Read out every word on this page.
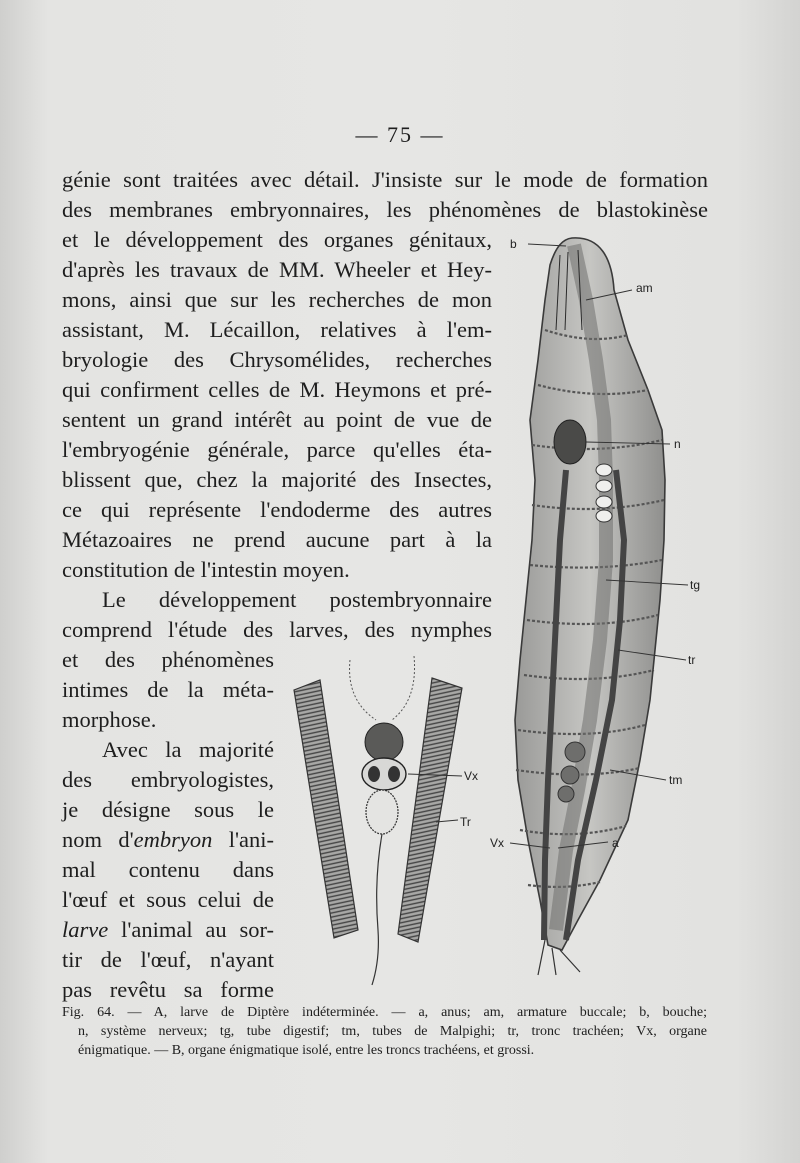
— 75 —
génie sont traitées avec détail. J'insiste sur le mode de formation
des membranes embryonnaires, les phénomènes de blastokinèse
et le développement des organes génitaux,
d'après les travaux de MM. Wheeler et Hey-
mons, ainsi que sur les recherches de mon
assistant, M. Lécaillon, relatives à l'em-
bryologie des Chrysomélides, recherches
qui confirment celles de M. Heymons et pré-
sentent un grand intérêt au point de vue de
l'embryogénie générale, parce qu'elles éta-
blissent que, chez la majorité des Insectes,
ce qui représente l'endoderme des autres
Métazoaires ne prend aucune part à la
constitution de l'intestin moyen.
Le développement postembryonnaire
comprend l'étude des larves, des nymphes
et des phénomènes
intimes de la méta-
morphose.
Avec la majorité
des embryologistes,
je désigne sous le
nom d'embryon l'ani-
mal contenu dans
l'œuf et sous celui de
larve l'animal au sor-
tir de l'œuf, n'ayant
pas revêtu sa forme
b
am
n
tg
tr
tm
Vx	a
Vx
Tr
Fig. 64. — A, larve de Diptère indéterminée. — a, anus; am, armature buccale; b, bouche;
n, système nerveux; tg, tube digestif; tm, tubes de Malpighi; tr, tronc trachéen; Vx, organe
énigmatique. — B, organe énigmatique isolé, entre les troncs trachéens, et grossi.
